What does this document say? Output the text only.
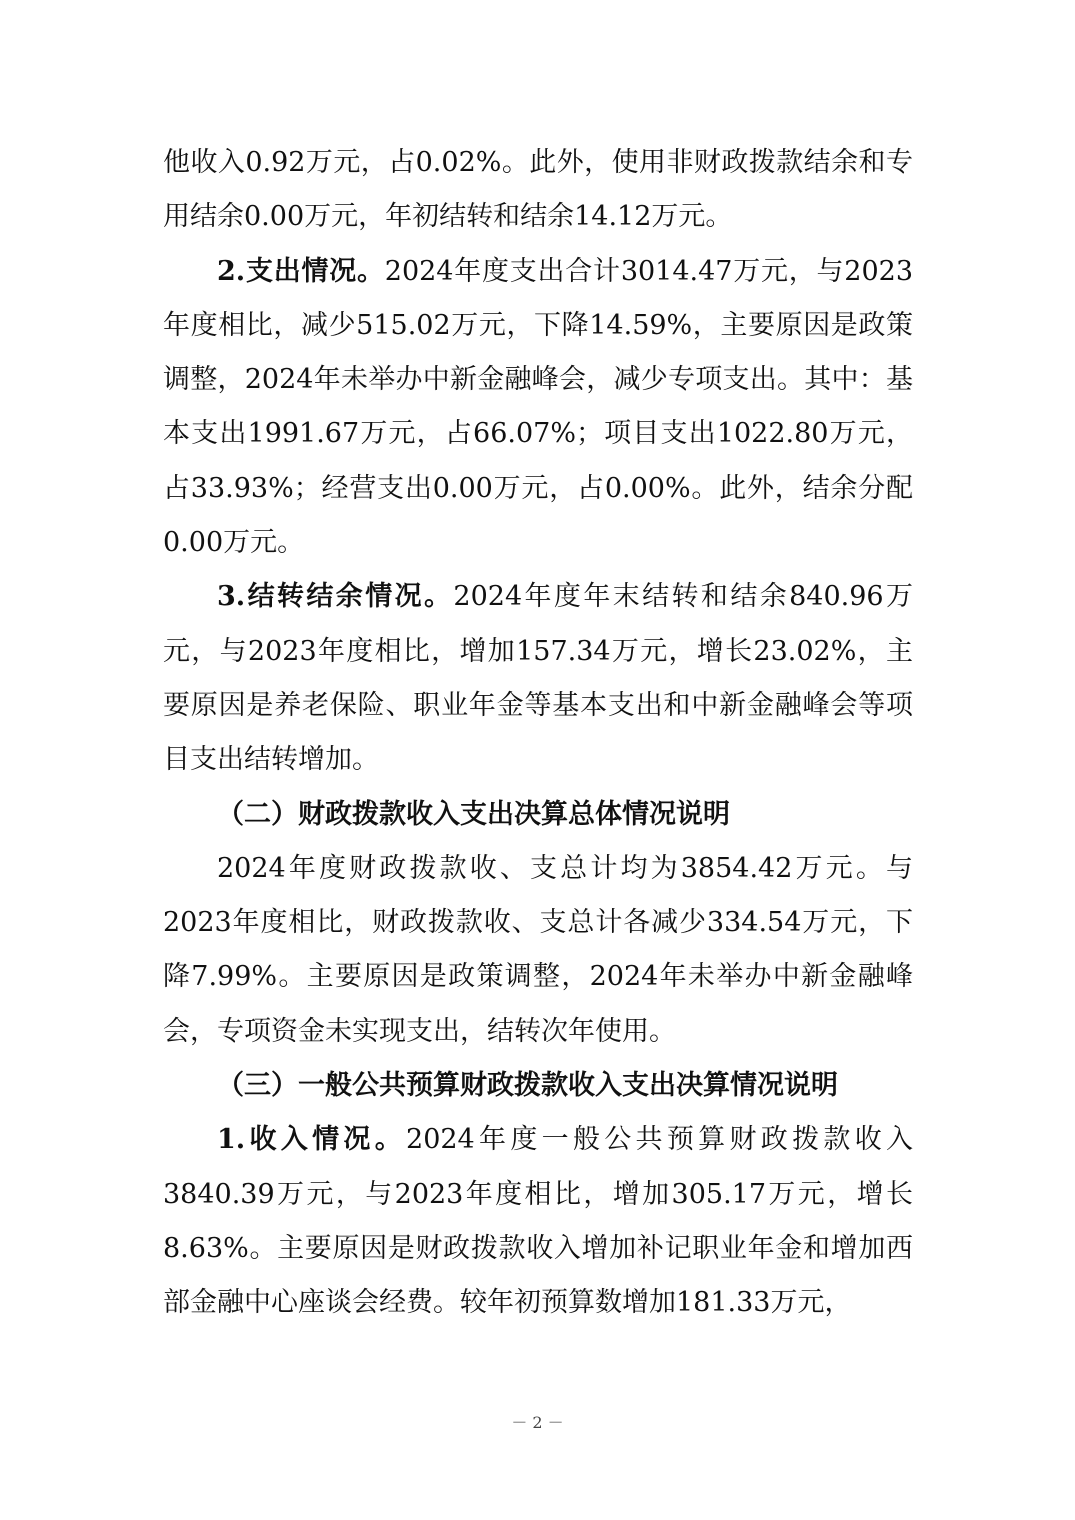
他收入0.92万元，占0.02%。此外，使用非财政拨款结余和专用结余0.00万元，年初结转和结余14.12万元。

2.支出情况。2024年度支出合计3014.47万元，与2023年度相比，减少515.02万元，下降14.59%，主要原因是政策调整，2024年未举办中新金融峰会，减少专项支出。其中：基本支出1991.67万元，占66.07%；项目支出1022.80万元，占33.93%；经营支出0.00万元，占0.00%。此外，结余分配0.00万元。

3.结转结余情况。2024年度年末结转和结余840.96万元，与2023年度相比，增加157.34万元，增长23.02%，主要原因是养老保险、职业年金等基本支出和中新金融峰会等项目支出结转增加。

（二）财政拨款收入支出决算总体情况说明

2024年度财政拨款收、支总计均为3854.42万元。与2023年度相比，财政拨款收、支总计各减少334.54万元，下降7.99%。主要原因是政策调整，2024年未举办中新金融峰会，专项资金未实现支出，结转次年使用。

（三）一般公共预算财政拨款收入支出决算情况说明

1.收入情况。2024年度一般公共预算财政拨款收入3840.39万元，与2023年度相比，增加305.17万元，增长8.63%。主要原因是财政拨款收入增加补记职业年金和增加西部金融中心座谈会经费。较年初预算数增加181.33万元，

－ 2 －
